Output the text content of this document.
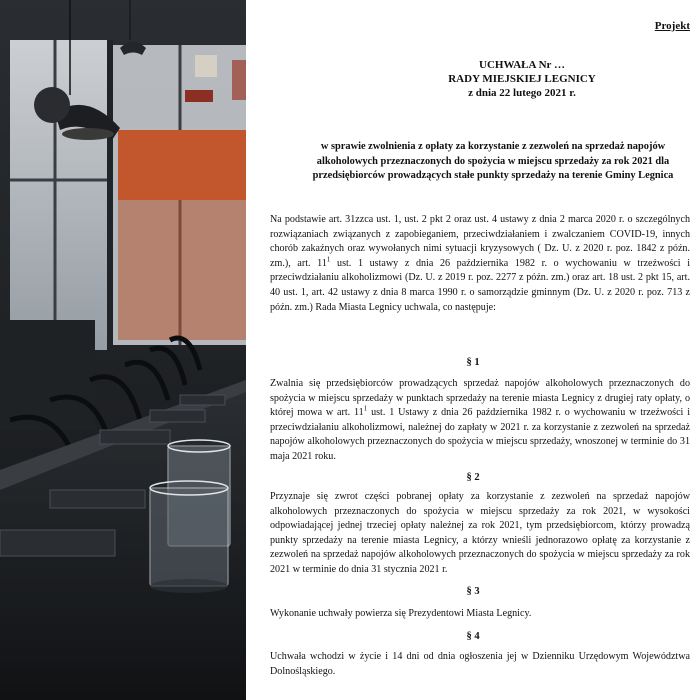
Projekt
UCHWAŁA Nr …
RADY MIEJSKIEJ LEGNICY
z dnia 22 lutego 2021 r.
w sprawie zwolnienia z opłaty za korzystanie z zezwoleń na sprzedaż napojów alkoholowych przeznaczonych do spożycia w miejscu sprzedaży za rok 2021 dla przedsiębiorców prowadzących stałe punkty sprzedaży na terenie Gminy Legnica
Na podstawie art. 31zzca ust. 1, ust. 2 pkt 2 oraz ust. 4 ustawy z dnia 2 marca 2020 r. o szczególnych rozwiązaniach związanych z zapobieganiem, przeciwdziałaniem i zwalczaniem COVID-19, innych chorób zakaźnych oraz wywołanych nimi sytuacji kryzysowych ( Dz. U. z 2020 r. poz. 1842 z późn. zm.), art. $11^1$ ust. 1 ustawy z dnia 26 października 1982 r. o wychowaniu w trzeźwości i przeciwdziałaniu alkoholizmowi (Dz. U. z 2019 r. poz. 2277 z późn. zm.) oraz art. 18 ust. 2 pkt 15, art. 40 ust. 1, art. 42 ustawy z dnia 8 marca 1990 r. o samorządzie gminnym (Dz. U. z 2020 r. poz. 713 z późn. zm.) Rada Miasta Legnicy uchwala, co następuje:
§ 1
Zwalnia się przedsiębiorców prowadzących sprzedaż napojów alkoholowych przeznaczonych do spożycia w miejscu sprzedaży w punktach sprzedaży na terenie miasta Legnicy z drugiej raty opłaty, o której mowa w art. $11^1$ ust. 1 Ustawy z dnia 26 października 1982 r. o wychowaniu w trzeźwości i przeciwdziałaniu alkoholizmowi, należnej do zapłaty w 2021 r. za korzystanie z zezwoleń na sprzedaż napojów alkoholowych przeznaczonych do spożycia w miejscu sprzedaży, wnoszonej w terminie do 31 maja 2021 roku.
§ 2
Przyznaje się zwrot części pobranej opłaty za korzystanie z zezwoleń na sprzedaż napojów alkoholowych przeznaczonych do spożycia w miejscu sprzedaży za rok 2021, w wysokości odpowiadającej jednej trzeciej opłaty należnej za rok 2021, tym przedsiębiorcom, którzy prowadzą punkty sprzedaży na terenie miasta Legnicy, a którzy wnieśli jednorazowo opłatę za korzystanie z zezwoleń na sprzedaż napojów alkoholowych przeznaczonych do spożycia w miejscu sprzedaży za rok 2021 w terminie do dnia 31 stycznia 2021 r.
§ 3
Wykonanie uchwały powierza się Prezydentowi Miasta Legnicy.
§ 4
Uchwała wchodzi w życie i 14 dni od dnia ogłoszenia jej w Dzienniku Urzędowym Województwa Dolnośląskiego.
